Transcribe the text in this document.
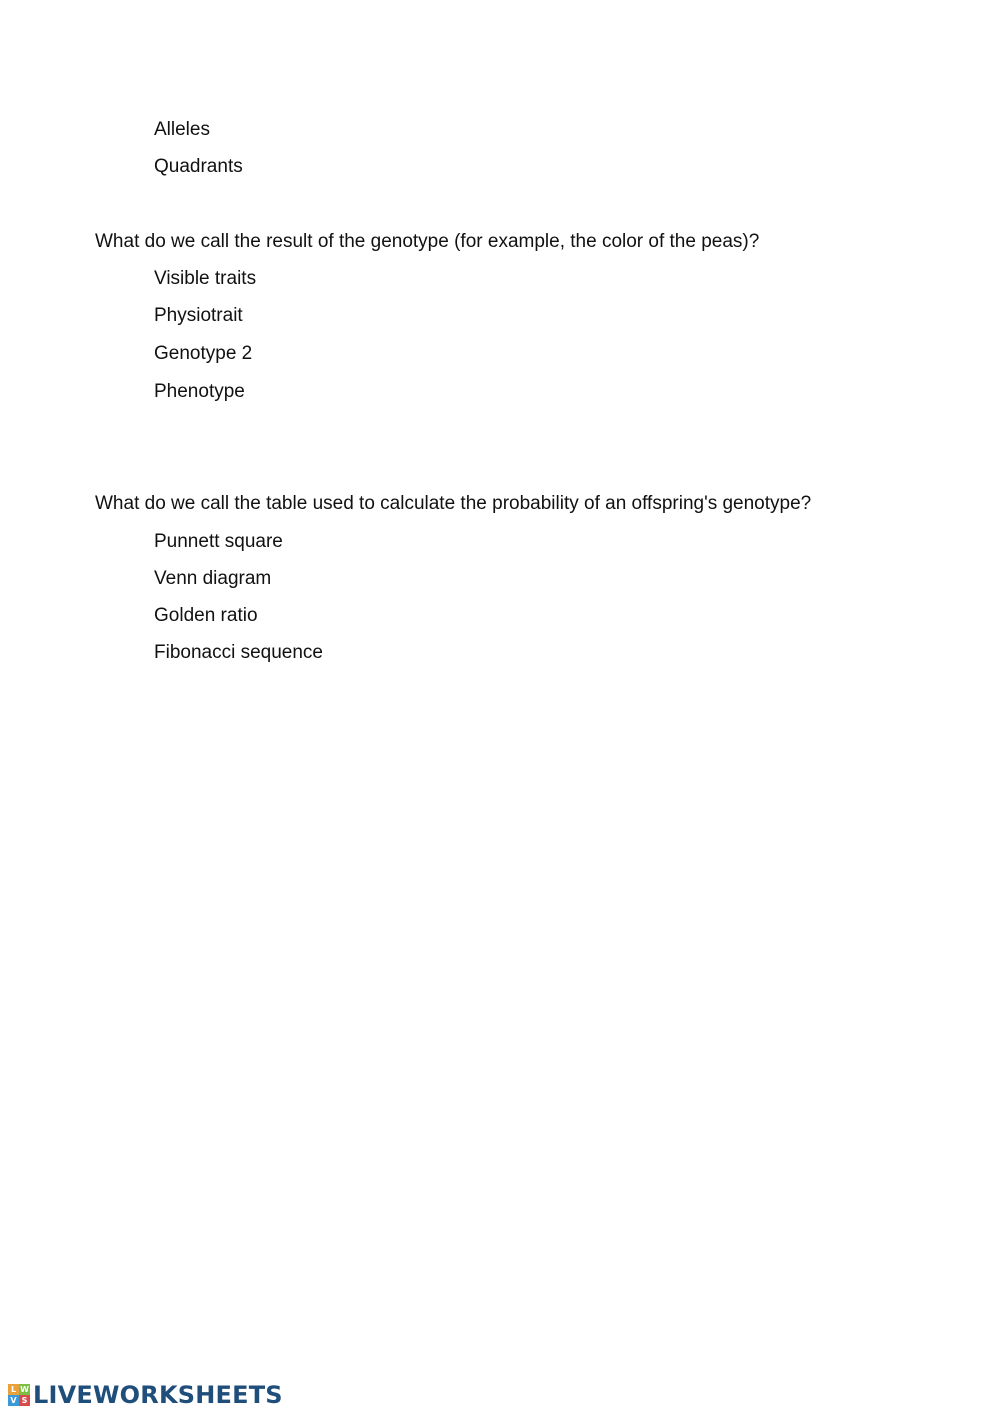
Alleles
Quadrants
What do we call the result of the genotype (for example, the color of the peas)?
Visible traits
Physiotrait
Genotype 2
Phenotype
What do we call the table used to calculate the probability of an offspring's genotype?
Punnett square
Venn diagram
Golden ratio
Fibonacci sequence
L W
V S LIVEWORKSHEETS
